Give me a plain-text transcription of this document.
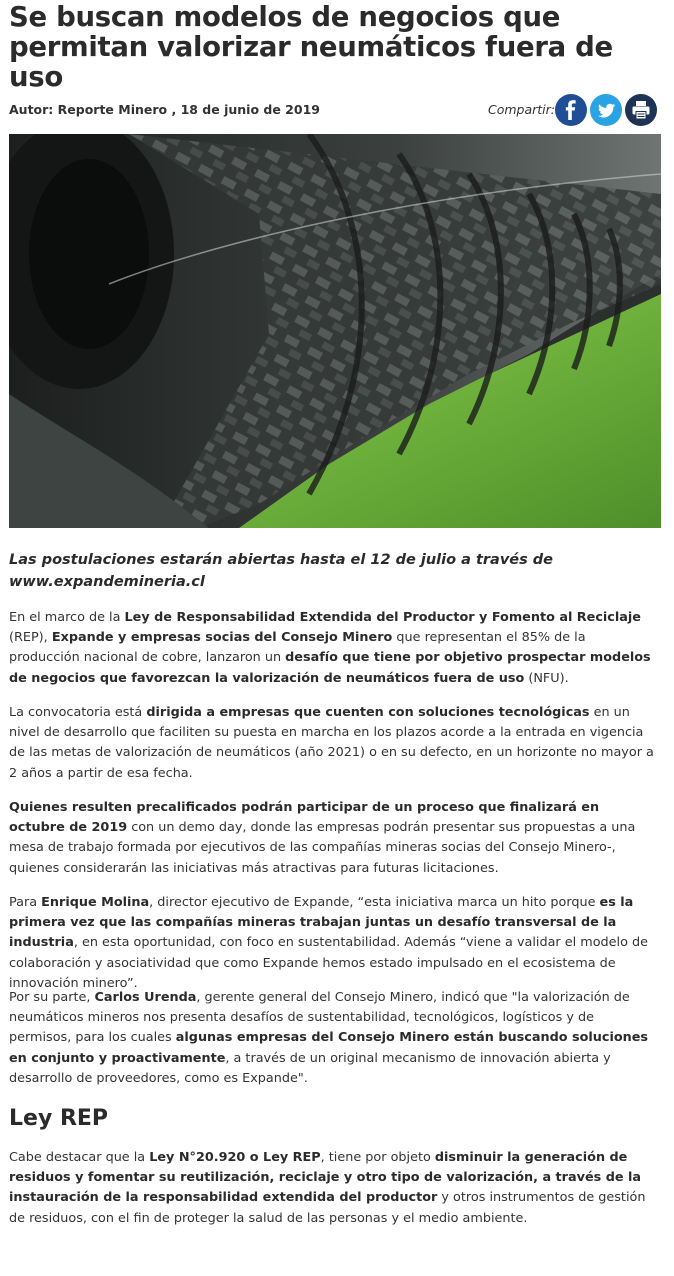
Se buscan modelos de negocios que permitan valorizar neumáticos fuera de uso
Autor: Reporte Minero , 18 de junio de 2019	Compartir:

Las postulaciones estarán abiertas hasta el 12 de julio a través de www.expandemineria.cl

En el marco de la Ley de Responsabilidad Extendida del Productor y Fomento al Reciclaje (REP), Expande y empresas socias del Consejo Minero que representan el 85% de la producción nacional de cobre, lanzaron un desafío que tiene por objetivo prospectar modelos de negocios que favorezcan la valorización de neumáticos fuera de uso (NFU).

La convocatoria está dirigida a empresas que cuenten con soluciones tecnológicas en un nivel de desarrollo que faciliten su puesta en marcha en los plazos acorde a la entrada en vigencia de las metas de valorización de neumáticos (año 2021) o en su defecto, en un horizonte no mayor a 2 años a partir de esa fecha.

Quienes resulten precalificados podrán participar de un proceso que finalizará en octubre de 2019 con un demo day, donde las empresas podrán presentar sus propuestas a una mesa de trabajo formada por ejecutivos de las compañías mineras socias del Consejo Minero-, quienes considerarán las iniciativas más atractivas para futuras licitaciones.

Para Enrique Molina, director ejecutivo de Expande, “esta iniciativa marca un hito porque es la primera vez que las compañías mineras trabajan juntas un desafío transversal de la industria, en esta oportunidad, con foco en sustentabilidad. Además “viene a validar el modelo de colaboración y asociatividad que como Expande hemos estado impulsado en el ecosistema de innovación minero”.

Por su parte, Carlos Urenda, gerente general del Consejo Minero, indicó que "la valorización de neumáticos mineros nos presenta desafíos de sustentabilidad, tecnológicos, logísticos y de permisos, para los cuales algunas empresas del Consejo Minero están buscando soluciones en conjunto y proactivamente, a través de un original mecanismo de innovación abierta y desarrollo de proveedores, como es Expande".

Ley REP

Cabe destacar que la Ley N°20.920 o Ley REP, tiene por objeto disminuir la generación de residuos y fomentar su reutilización, reciclaje y otro tipo de valorización, a través de la instauración de la responsabilidad extendida del productor y otros instrumentos de gestión de residuos, con el fin de proteger la salud de las personas y el medio ambiente.
